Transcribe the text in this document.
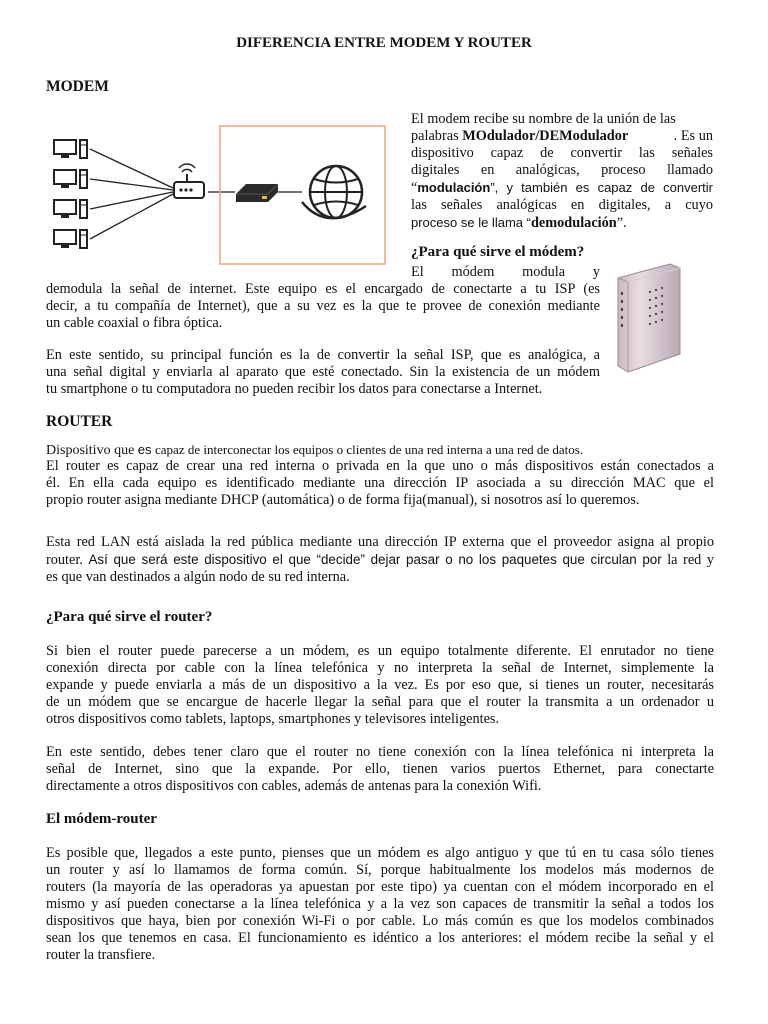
DIFERENCIA ENTRE MODEM Y ROUTER
MODEM
El modem recibe su nombre de la unión de las
palabras MOdulador/DEModulador	. Es un
dispositivo capaz de convertir las señales
digitales en analógicas, proceso llamado
“modulación”, y también es capaz de convertir
las señales analógicas en digitales, a cuyo
proceso se le llama “demodulación”.
¿Para qué sirve el módem?
El módem modula y
demodula la señal de internet. Este equipo es el encargado de conectarte a tu ISP (es
decir, a tu compañía de Internet), que a su vez es la que te provee de conexión mediante
un cable coaxial o fibra óptica.
En este sentido, su principal función es la de convertir la señal ISP, que es analógica, a
una señal digital y enviarla al aparato que esté conectado. Sin la existencia de un módem
tu smartphone o tu computadora no pueden recibir los datos para conectarse a Internet.
ROUTER
Dispositivo que es capaz de interconectar los equipos o clientes de una red interna a una red de datos.
El router es capaz de crear una red interna o privada en la que uno o más dispositivos están conectados a
él. En ella cada equipo es identificado mediante una dirección IP asociada a su dirección MAC que el
propio router asigna mediante DHCP (automática) o de forma fija(manual), si nosotros así lo queremos.
Esta red LAN está aislada la red pública mediante una dirección IP externa que el proveedor asigna al propio
router. Así que será este dispositivo el que “decide” dejar pasar o no los paquetes que circulan por la red y
es que van destinados a algún nodo de su red interna.
¿Para qué sirve el router?
Si bien el router puede parecerse a un módem, es un equipo totalmente diferente. El enrutador no tiene
conexión directa por cable con la línea telefónica y no interpreta la señal de Internet, simplemente la
expande y puede enviarla a más de un dispositivo a la vez. Es por eso que, si tienes un router, necesitarás
de un módem que se encargue de hacerle llegar la señal para que el router la transmita a un ordenador u
otros dispositivos como tablets, laptops, smartphones y televisores inteligentes.
En este sentido, debes tener claro que el router no tiene conexión con la línea telefónica ni interpreta la
señal de Internet, sino que la expande. Por ello, tienen varios puertos Ethernet, para conectarte
directamente a otros dispositivos con cables, además de antenas para la conexión Wifi.
El módem-router
Es posible que, llegados a este punto, pienses que un módem es algo antiguo y que tú en tu casa sólo tienes
un router y así lo llamamos de forma común. Sí, porque habitualmente los modelos más modernos de
routers (la mayoría de las operadoras ya apuestan por este tipo) ya cuentan con el módem incorporado en el
mismo y así pueden conectarse a la línea telefónica y a la vez son capaces de transmitir la señal a todos los
dispositivos que haya, bien por conexión Wi-Fi o por cable. Lo más común es que los modelos combinados
sean los que tenemos en casa. El funcionamiento es idéntico a los anteriores: el módem recibe la señal y el
router la transfiere.
